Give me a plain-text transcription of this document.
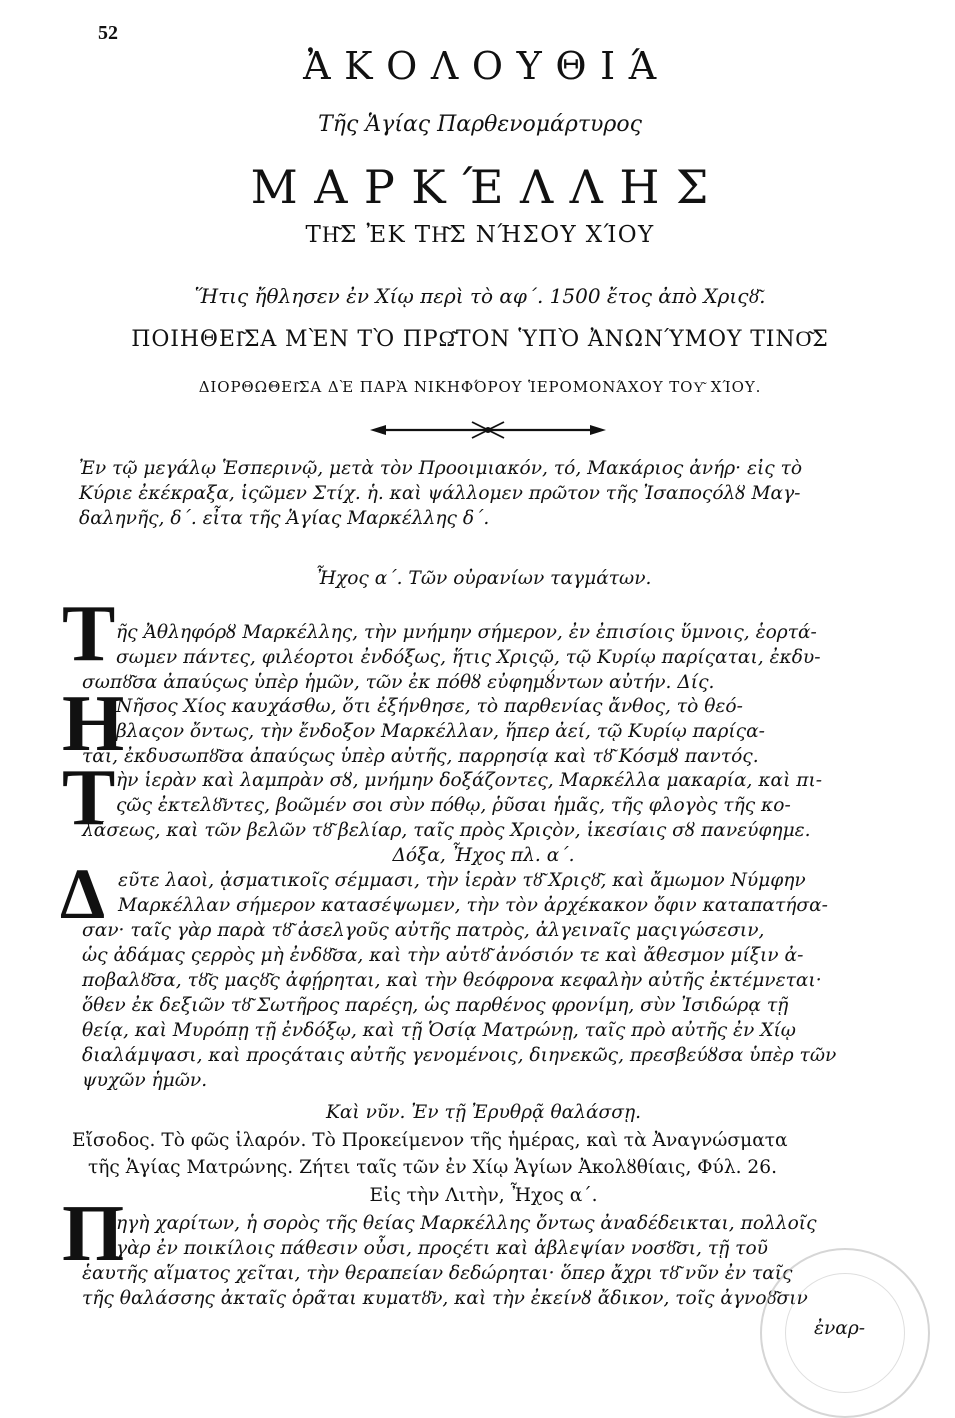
52
Ἀ Κ Ο Λ Ο Υ Θ Ι Ά
Τῆς Ἁγίας Παρθενομάρτυρος
Μ Α Ρ Κ Έ Λ Λ Η Σ
ΤΗ͂Σ ἘΚ ΤΗ͂Σ ΝΉΣΟΥ ΧΊΟΥ
Ἥτις ἤθλησεν ἐν Χίῳ περὶ τὸ αφ΄. 1500 ἔτος ἀπὸ Χριςȣ͂.
ΠΟΙΗΘΕΙ͂ΣΑ ΜῈΝ ΤῸ ΠΡΩ͂ΤΟΝ ὙΠῸ ἈΝΩΝΎΜΟΥ ΤΙΝΟ͂Σ
ΔΙΟΡΘΩΘΕΙ͂ΣΑ ΔῈ ΠΑΡᾺ ΝΙΚΗΦΌΡΟΥ ἹΕΡΟΜΟΝΆΧΟΥ ΤΟΥ͂ ΧΊΟΥ.
Ἐν τῷ μεγάλῳ Ἑσπερινῷ, μετὰ τὸν Προοιμιακόν, τό, Μακάριος ἀνήρ· εἰς τὸ
Κύριε ἐκέκραξα, ἱςῶμεν Στίχ. ἡ. καὶ ψάλλομεν πρῶτον τῆς Ἰσαποςόλȣ Μαγ-
δαληνῆς, δ΄. εἶτα τῆς Ἁγίας Μαρκέλλης δ΄.
Ἦχος α΄. Τῶν οὐρανίων ταγμάτων.
Τ ῆς Ἀθληφόρȣ Μαρκέλλης, τὴν μνήμην σήμερον, ἐν ἐπισίοις ὕμνοις, ἑορτά-
σωμεν πάντες, φιλέορτοι ἐνδόξως, ἥτις Χριςῷ, τῷ Κυρίῳ παρίςαται, ἐκδυ-
σωπȣ͂σα ἀπαύςως ὑπὲρ ἡμῶν, τῶν ἐκ πόθȣ εὐφημȣ́ντων αὐτήν. Δίς.
Η
Νῆσος Χίος καυχάσθω, ὅτι ἐξήνθησε, τὸ παρθενίας ἄνθος, τὸ θεό-
βλαςον ὄντως, τὴν ἔνδοξον Μαρκέλλαν, ἥπερ ἀεί, τῷ Κυρίῳ παρίςα-
ται, ἐκδυσωπȣ͂σα ἀπαύςως ὑπὲρ αὐτῆς, παρρησίᾳ καὶ τȣ͂ Κόσμȣ παντός.
Τ ὴν ἱερὰν καὶ λαμπρὰν σȣ, μνήμην δοξάζοντες, Μαρκέλλα μακαρία, καὶ πι-
ςῶς ἐκτελȣ͂ντες, βοῶμέν σοι σὺν πόθῳ, ῥῦσαι ἡμᾶς, τῆς φλογὸς τῆς κο-
λάσεως, καὶ τῶν βελῶν τȣ͂ βελίαρ, ταῖς πρὸς Χριςὸν, ἱκεσίαις σȣ πανεύφημε.
Δόξα, Ἦχος πλ. α΄.
Δ εῦτε λαοὶ, ᾀσματικοῖς σέμμασι, τὴν ἱερὰν τȣ͂ Χριςȣ͂, καὶ ἄμωμον Νύμφην
Μαρκέλλαν σήμερον κατασέψωμεν, τὴν τὸν ἀρχέκακον ὄφιν καταπατήσα-
σαν· ταῖς γὰρ παρὰ τȣ͂ ἀσελγοῦς αὐτῆς πατρὸς, ἀλγειναῖς μαςιγώσεσιν,
ὡς ἀδάμας ςερρὸς μὴ ἐνδȣ͂σα, καὶ τὴν αὐτȣ͂ ἀνόσιόν τε καὶ ἄθεσμον μίξιν ἀ-
ποβαλȣ͂σα, τȣ͂ς μαςȣ͂ς ἀφῄρηται, καὶ τὴν θεόφρονα κεφαλὴν αὐτῆς ἐκτέμνεται·
ὅθεν ἐκ δεξιῶν τȣ͂ Σωτῆρος παρέςη, ὡς παρθένος φρονίμη, σὺν Ἰσιδώρᾳ τῇ
θείᾳ, καὶ Μυρόπῃ τῇ ἐνδόξῳ, καὶ τῇ Ὁσίᾳ Ματρώνῃ, ταῖς πρὸ αὐτῆς ἐν Χίῳ
διαλάμψασι, καὶ προςάταις αὐτῆς γενομένοις, διηνεκῶς, πρεσβεύȣσα ὑπὲρ τῶν
ψυχῶν ἡμῶν.
Καὶ νῦν. Ἐν τῇ Ἐρυθρᾷ θαλάσσῃ.
Εἴσοδος. Τὸ φῶς ἱλαρόν. Τὸ Προκείμενον τῆς ἡμέρας, καὶ τὰ Ἀναγνώσματα
τῆς Ἁγίας Ματρώνης. Ζήτει ταῖς τῶν ἐν Χίῳ Ἁγίων Ἀκολȣθίαις, Φύλ. 26.
Εἰς τὴν Λιτὴν, Ἦχος α΄.
Π
ηγὴ χαρίτων, ἡ σορὸς τῆς θείας Μαρκέλλης ὄντως ἀναδέδεικται, πολλοῖς
γὰρ ἐν ποικίλοις πάθεσιν οὖσι, προςέτι καὶ ἀβλεψίαν νοσȣ͂σι, τῇ τοῦ
ἑαυτῆς αἵματος χεῖται, τὴν θεραπείαν δεδώρηται· ὅπερ ἄχρι τȣ͂ νῦν ἐν ταῖς
τῆς θαλάσσης ἀκταῖς ὁρᾶται κυματȣ͂ν, καὶ τὴν ἐκείνȣ ἄδικον, τοῖς ἀγνοȣ͂σιν
ἐναρ-
